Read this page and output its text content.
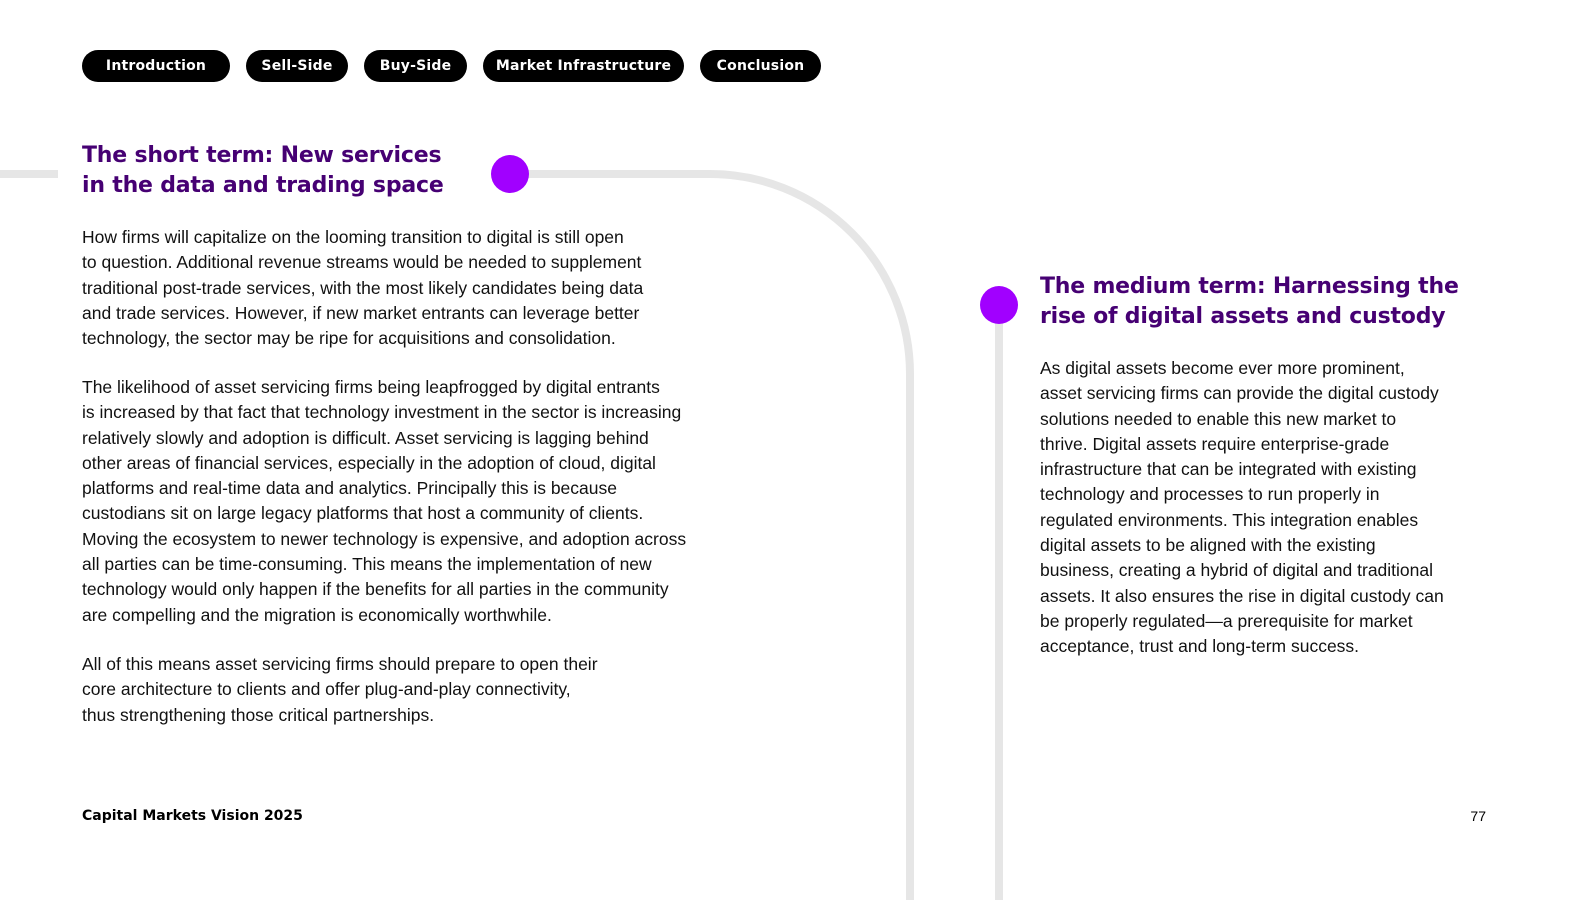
Introduction	Sell-Side	Buy-Side	Market Infrastructure	Conclusion
The short term: New services
in the data and trading space
How firms will capitalize on the looming transition to digital is still open
to question. Additional revenue streams would be needed to supplement
traditional post-trade services, with the most likely candidates being data
and trade services. However, if new market entrants can leverage better
technology, the sector may be ripe for acquisitions and consolidation.
The likelihood of asset servicing firms being leapfrogged by digital entrants
is increased by that fact that technology investment in the sector is increasing
relatively slowly and adoption is difficult. Asset servicing is lagging behind
other areas of financial services, especially in the adoption of cloud, digital
platforms and real-time data and analytics. Principally this is because
custodians sit on large legacy platforms that host a community of clients.
Moving the ecosystem to newer technology is expensive, and adoption across
all parties can be time-consuming. This means the implementation of new
technology would only happen if the benefits for all parties in the community
are compelling and the migration is economically worthwhile.
All of this means asset servicing firms should prepare to open their
core architecture to clients and offer plug-and-play connectivity,
thus strengthening those critical partnerships.
The medium term: Harnessing the
rise of digital assets and custody
As digital assets become ever more prominent,
asset servicing firms can provide the digital custody
solutions needed to enable this new market to
thrive. Digital assets require enterprise-grade
infrastructure that can be integrated with existing
technology and processes to run properly in
regulated environments. This integration enables
digital assets to be aligned with the existing
business, creating a hybrid of digital and traditional
assets. It also ensures the rise in digital custody can
be properly regulated—a prerequisite for market
acceptance, trust and long-term success.
Capital Markets Vision 2025	77
